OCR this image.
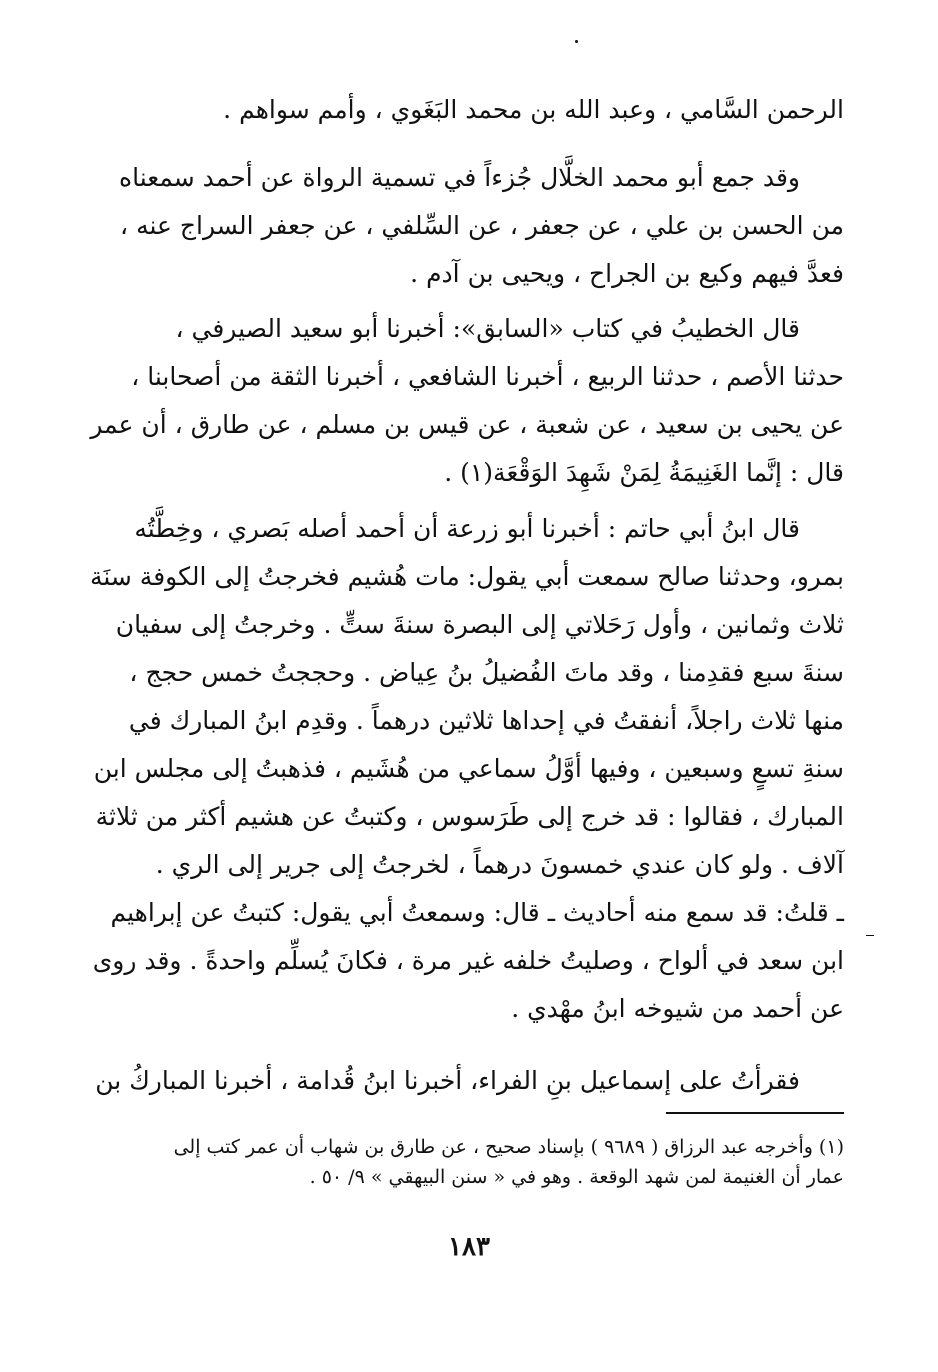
الرحمن السَّامي ، وعبد الله بن محمد البَغَوي ، وأمم سواهم .

وقد جمع أبو محمد الخلَّال جُزءاً في تسمية الرواة عن أحمد سمعناه
من الحسن بن علي ، عن جعفر ، عن السِّلفي ، عن جعفر السراج عنه ،
فعدَّ فيهم وكيع بن الجراح ، ويحيى بن آدم .

قال الخطيبُ في كتاب «السابق»: أخبرنا أبو سعيد الصيرفي ،
حدثنا الأصم ، حدثنا الربيع ، أخبرنا الشافعي ، أخبرنا الثقة من أصحابنا ،
عن يحيى بن سعيد ، عن شعبة ، عن قيس بن مسلم ، عن طارق ، أن عمر
قال : إنَّما الغَنِيمَةُ لِمَنْ شَهِدَ الوَقْعَة(١) .

قال ابنُ أبي حاتم : أخبرنا أبو زرعة أن أحمد أصله بَصري ، وخِطَّتُه
بمرو، وحدثنا صالح سمعت أبي يقول: مات هُشيم فخرجتُ إلى الكوفة سنَة
ثلاث وثمانين ، وأول رَحَلاتي إلى البصرة سنةَ ستٍّ . وخرجتُ إلى سفيان
سنةَ سبع فقدِمنا ، وقد ماتَ الفُضيلُ بنُ عِياض . وحججتُ خمس حجج ،
منها ثلاث راجلاً، أنفقتُ في إحداها ثلاثين درهماً . وقدِم ابنُ المبارك في
سنةِ تسعٍ وسبعين ، وفيها أوَّلُ سماعي من هُشَيم ، فذهبتُ إلى مجلس ابن
المبارك ، فقالوا : قد خرج إلى طَرَسوس ، وكتبتُ عن هشيم أكثر من ثلاثة
آلاف . ولو كان عندي خمسونَ درهماً ، لخرجتُ إلى جرير إلى الري .
ـ قلتُ: قد سمع منه أحاديث ـ قال: وسمعتُ أبي يقول: كتبتُ عن إبراهيم
ابن سعد في ألواح ، وصليتُ خلفه غير مرة ، فكانَ يُسلِّم واحدةً . وقد روى
عن أحمد من شيوخه ابنُ مهْدي .

فقرأتُ على إسماعيل بنِ الفراء، أخبرنا ابنُ قُدامة ، أخبرنا المباركُ بن

(١) وأخرجه عبد الرزاق ( ٩٦٨٩ ) بإسناد صحيح ، عن طارق بن شهاب أن عمر كتب إلى
عمار أن الغنيمة لمن شهد الوقعة . وهو في « سنن البيهقي » ٩/ ٥٠ .

١٨٣
